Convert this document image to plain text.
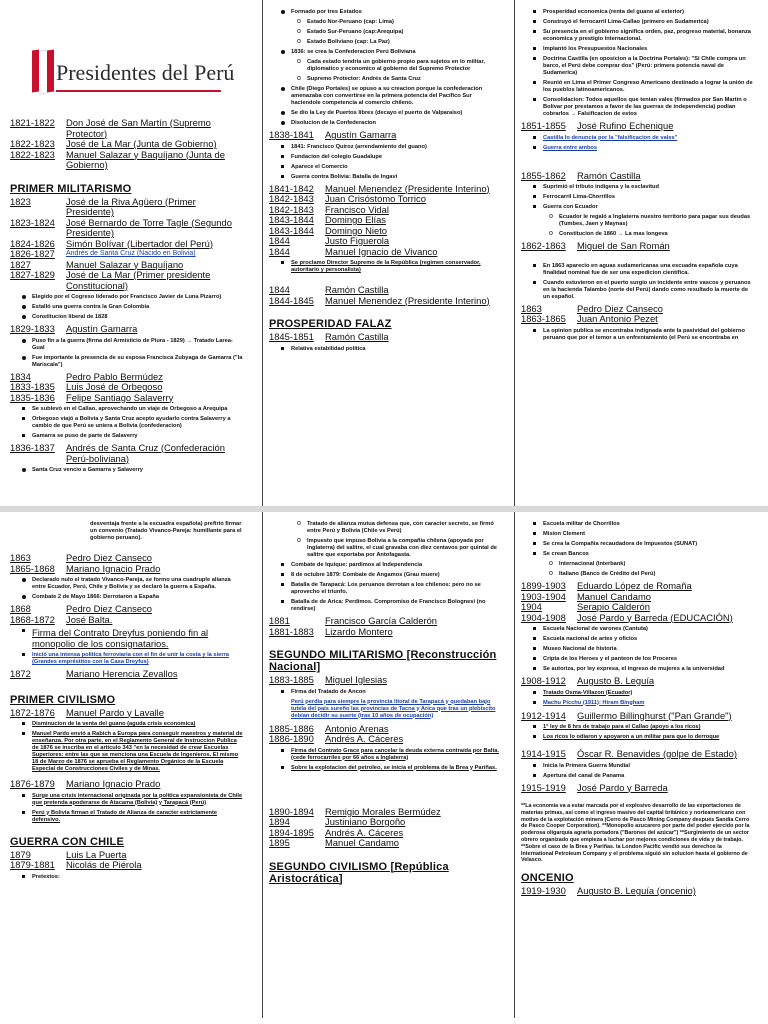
Presidentes del Perú
1821-1822	Don José de San Martín (Supremo Protector)
1822-1823	José de La Mar (Junta de Gobierno)
1822-1823	Manuel Salazar y Baquíjano (Junta de Gobierno)
PRIMER MILITARISMO
1823	José de la Riva Agüero (Primer Presidente)
1823-1824	José Bernardo de Torre Tagle (Segundo Presidente)
1824-1826	Simón Bolívar (Libertador del Perú)
1826-1827	Andrés de Santa Cruz (Nacido en Bolivia)
1827	Manuel Salazar y Baquíjano
1827-1829	José de La Mar (Primer presidente Constitucional)
Elegido por el Cogreso liderado por Francisco Javier de Luna Pizarro)
Estalló una guerra contra la Gran Colombia
Constitucion liberal de 1828
1829-1833	Agustín Gamarra
Puso fin a la guerra (firma del Armisticio de Piura - 1829) → Tratado Larea-Gual
Fue importante la presencia de su esposa Francisca Zubyaga de Gamarra ("la Mariscala")
1834	Pedro Pablo Bermúdez
1833-1835	Luis José de Orbegoso
1835-1836	Felipe Santiago Salaverry
Se sublevó en el Callao, aprovechando un viaje de Orbegoso a Arequipa
Orbegoso viajó a Bolivia y Santa Cruz acepto ayudarlo contra Salaverry a cambio de que Perú se uniera a Bolivia (confederacion)
Gamarra se puso de parte de Salaverry
1836-1837	Andrés de Santa Cruz (Confederación Perú-boliviana)
Santa Cruz vencio a Gamarra y Salaverry
Formado por tres Estados
o Estado Nor-Peruano (cap: Lima)
o Estado Sur-Peruano (cap:Arequipa)
o Estado Boliviano (cap: La Paz)
1836: se crea la Confederacion Perú Boliviana
o Cada estado tendria un gobierno propio para sujetos en lo militar, diplomatico y economico al gobierno del Supremo Protector
o Supremo Protector: Andrés de Santa Cruz
Chile (Diego Portales) se opuso a su creacion porque la confederacion amenazaba con convertirse en la primera potencia del Pacífico Sur haciendole competencia al comercio chileno.
Se dio la Ley de Puertos libres (decayo el puerto de Valparaiso)
Disolucion de la Confederacion
1838-1841	Agustín Gamarra
1841: Francisco Quiroz (arrendamiento del guano)
Fundacion del colegio Guadalupe
Aparece el Comercio
Guerra contra Bolivia: Batalla de Ingavi
1841-1842	Manuel Menendez (Presidente Interino)
1842-1843	Juan Crisóstomo Torrico
1842-1843	Francisco Vidal
1843-1844	Domingo Elías
1843-1844	Domingo Nieto
1844	Justo Figuerola
1844	Manuel Ignacio de Vivanco
Se proclamo Director Supremo de la República (regimen conservador, autoritario y personalista)
1844	Ramón Castilla
1844-1845	Manuel Menendez (Presidente Interino)
PROSPERIDAD FALAZ
1845-1851	Ramón Castilla
Relativa estabilidad política
Prosperidad economica (renta del guano al exterior)
Construyó el ferrocarril Lima-Callao (primero en Sudamerica)
Su presencia en el gobierno significa orden, paz, progreso material, bonanza economica y prestigio internacional.
Implantó los Presupuestos Nacionales
Doctrina Castilla (en oposicion a la Doctrina Portales): "Si Chile compra un barco, el Perú debe comprar dos" (Perú: primera potencia naval de Sudamerica)
Reunió en Lima el Primer Congreso Americano destinado a lograr la unión de los pueblos latinoamericanos.
Consolidacion: Todos aquellos que tenian vales (firmados por San Martín o Bolívar por prestamos a favor de las guerras de independencia) podian cobrarlos → Falsificacion de estos
1851-1855	José Rufino Echenique
Castilla lo denuncia por la "falsificacion de vales"
Guerra entre ambos
1855-1862	Ramón Castilla
Suprimió el tributo indigena y la esclavitud
Ferrocarril Lima-Chorrillos
Guerra con Ecuador
o Ecuador le regaló a Inglaterra nuestro territorio para pagar sus deudas (Tumbes, Jaen y Maynas)
o Constitucion de 1860 → La mas longeva
1862-1863	Miguel de San Román
En 1863 aparecio en aguas sudamericanas una escuadra española cuya finalidad nominal fue de ser una expedicion científica.
Cuando estuvieron en el puerto surgio un incidente entre vascos y peruanos en la hacienda Talambo (norte del Perú) dando como resultado la muerte de un español.
1863	Pedro Diez Canseco
1863-1865	Juan Antonio Pezet
La opinion publica se encontraba indignada ante la pasividad del gobierno peruano que por el temor a un enfrentamiento (el Perú se encontraba en
desventaja frente a la escuadra española) prefirio firmar un convenio (Tratado Vivanco-Pareja: humillante para el gobierno peruano).
1863	Pedro Diez Canseco
1865-1868	Mariano Ignacio Prado
Declarado nulo el tratado Vivanco-Pareja, se formo una cuadruple alianza entre Ecuador, Perú, Chile y Bolivia y se declaró la guerra a España.
Combate 2 de Mayo 1866: Derrotaron a España
1868	Pedro Diez Canseco
1868-1872	José Balta.
Firma del Contrato Dreyfus poniendo fin al monopolio de los consignatarios.
Inició una intensa politica ferroviaria con el fin de unir la costa y la sierra (Grandes empréstitos con la Casa Dreyfus)
1872	Mariano Herencia Zevallos
PRIMER CIVILISMO
1872-1876	Manuel Pardo y Lavalle
Disminucion de la venta del guano (aguda crisis economica)
Manuel Pardo envió a Rabich a Europa para conseguir maestros y material de enseñanza. Por otra parte, en el Reglamento General de Instruccion Publica de 1876 se inscriba en el artículo 343 "en la necesidad de crear Escuelas Superiores: entre las que se menciona una Escuela de Ingenieros. El mismo 18 de Marzo de 1876 se aprueba el Reglamento Orgánico de la Escuela Especial de Construcciones Civiles y de Minas.
1876-1879	Mariano Ignacio Prado
Surge una crisis internacional originada por la politica expansionista de Chile que pretenda apoderarse de Atacama (Bolivia) y Tarapacá (Perú)
Perú y Bolivia firman el Tratado de Alianza de caracter estrictamente defensivo.
GUERRA CON CHILE
1879	Luis La Puerta
1879-1881	Nicolás de Piérola
Pretextos:
o Tratado de alianza mutua defensa que, con caracter secreto, se firmó entre Perú y Bolivia (Chile vs Perú)
o Impuesto que impuso Bolivia a la compañia chilena (apoyada por Inglaterra) del salitre, el cual gravaba con diez centavos por quintal de salitre que exportaba por Antofagasta.
Combate de Iquique: pardimos al Independencia
8 de octubre 1879: Combate de Angamos (Grau muere)
Batalla de Tarapacá: Los peruanos derrotan a los chilenos: pero no se aprovecho el triunfo.
Batalla de de Arica: Perdimos. Compromiso de Francisco Bolognesi (no rendirse)
1881	Francisco García Calderón
1881-1883	Lizardo Montero
SEGUNDO MILITARISMO [Reconstrucción Nacional]
1883-1885	Miguel Iglesias
Firma del Tratado de Ancon
Perú perdía para siempre la provincia litoral de Tarapacá y quedaban bajo tutela del país sureño las provincias de Tacna y Arica que tras un plebiscito debían decidir su suerte (tras 10 años de ocupación)
1885-1886	Antonio Arenas
1886-1890	Andrés A. Cáceres
Firma del Contrato Grace para cancelar la deuda externa contraída por Balta. (cede ferrocarriles por 66 años a Inglaterra)
Sobre la explotacion del petroleo, se inicia el problema de la Brea y Pariñas.
1890-1894	Remigio Morales Bermúdez
1894	Justiniano Borgoño
1894-1895	Andrés A. Cáceres
1895	Manuel Candamo
SEGUNDO CIVILISMO [República Aristocrática]
Escuela militar de Chorrillos
Mision Clement
Se crea la Compañia recaudadora de Impuestos (SUNAT)
Se crean Bancos
o Internacional (Interbank)
o Italiano (Banco de Crédito del Perú)
1899-1903	Eduardo López de Romaña
1903-1904	Manuel Candamo
1904	Serapio Calderón
1904-1908	José Pardo y Barreda (EDUCACIÓN)
Escuela Nacional de varones (Cantuta)
Escuela nacional de artes y oficios
Museo Nacional de historia
Cripta de los Heroes y el panteon de los Proceres
Se autoriza, por ley expresa, el ingreso de mujeres a la universidad
1908-1912	Augusto B. Leguía
Tratado Osma-Villazon (Ecuador)
Machu Picchu (1911): Hiram Bingham
1912-1914	Guillermo Billinghurst ("Pan Grande")
1° ley de 8 hrs de trabajo para el Callao (apoyo a los ricos)
Los ricos lo odiaron y apoyaron a un militar para que lo derroque
1914-1915	Óscar R. Benavides (golpe de Estado)
Inicia la Primera Guerra Mundial
Apertura del canal de Panama
1915-1919	José Pardo y Barreda
**La economía va a estar marcada por el explosivo desarrollo de las exportaciones de materias primas, así como el ingreso masivo del capital británico y norteamericano con motivo de la explotación minera (Cerro de Pasco Mining Company después Sandia Cerro de Pasco Cooper Corporation). **Monopolio azucarero por parte del poder ejercido por la poderosa oligarquía agraria portadora ("Barones del azúcar") **Surgimiento de un sector obrero organizado que empieza a luchar por mejores condiciones de vida y de trabajo. **Sobre el caso de la Brea y Pariñas. la London Pacific vendió sus derechos la International Petroleum Company y el problema siguió sin solucion hasta el gobierno de Velasco.
ONCENIO
1919-1930	Augusto B. Leguía (oncenio)
